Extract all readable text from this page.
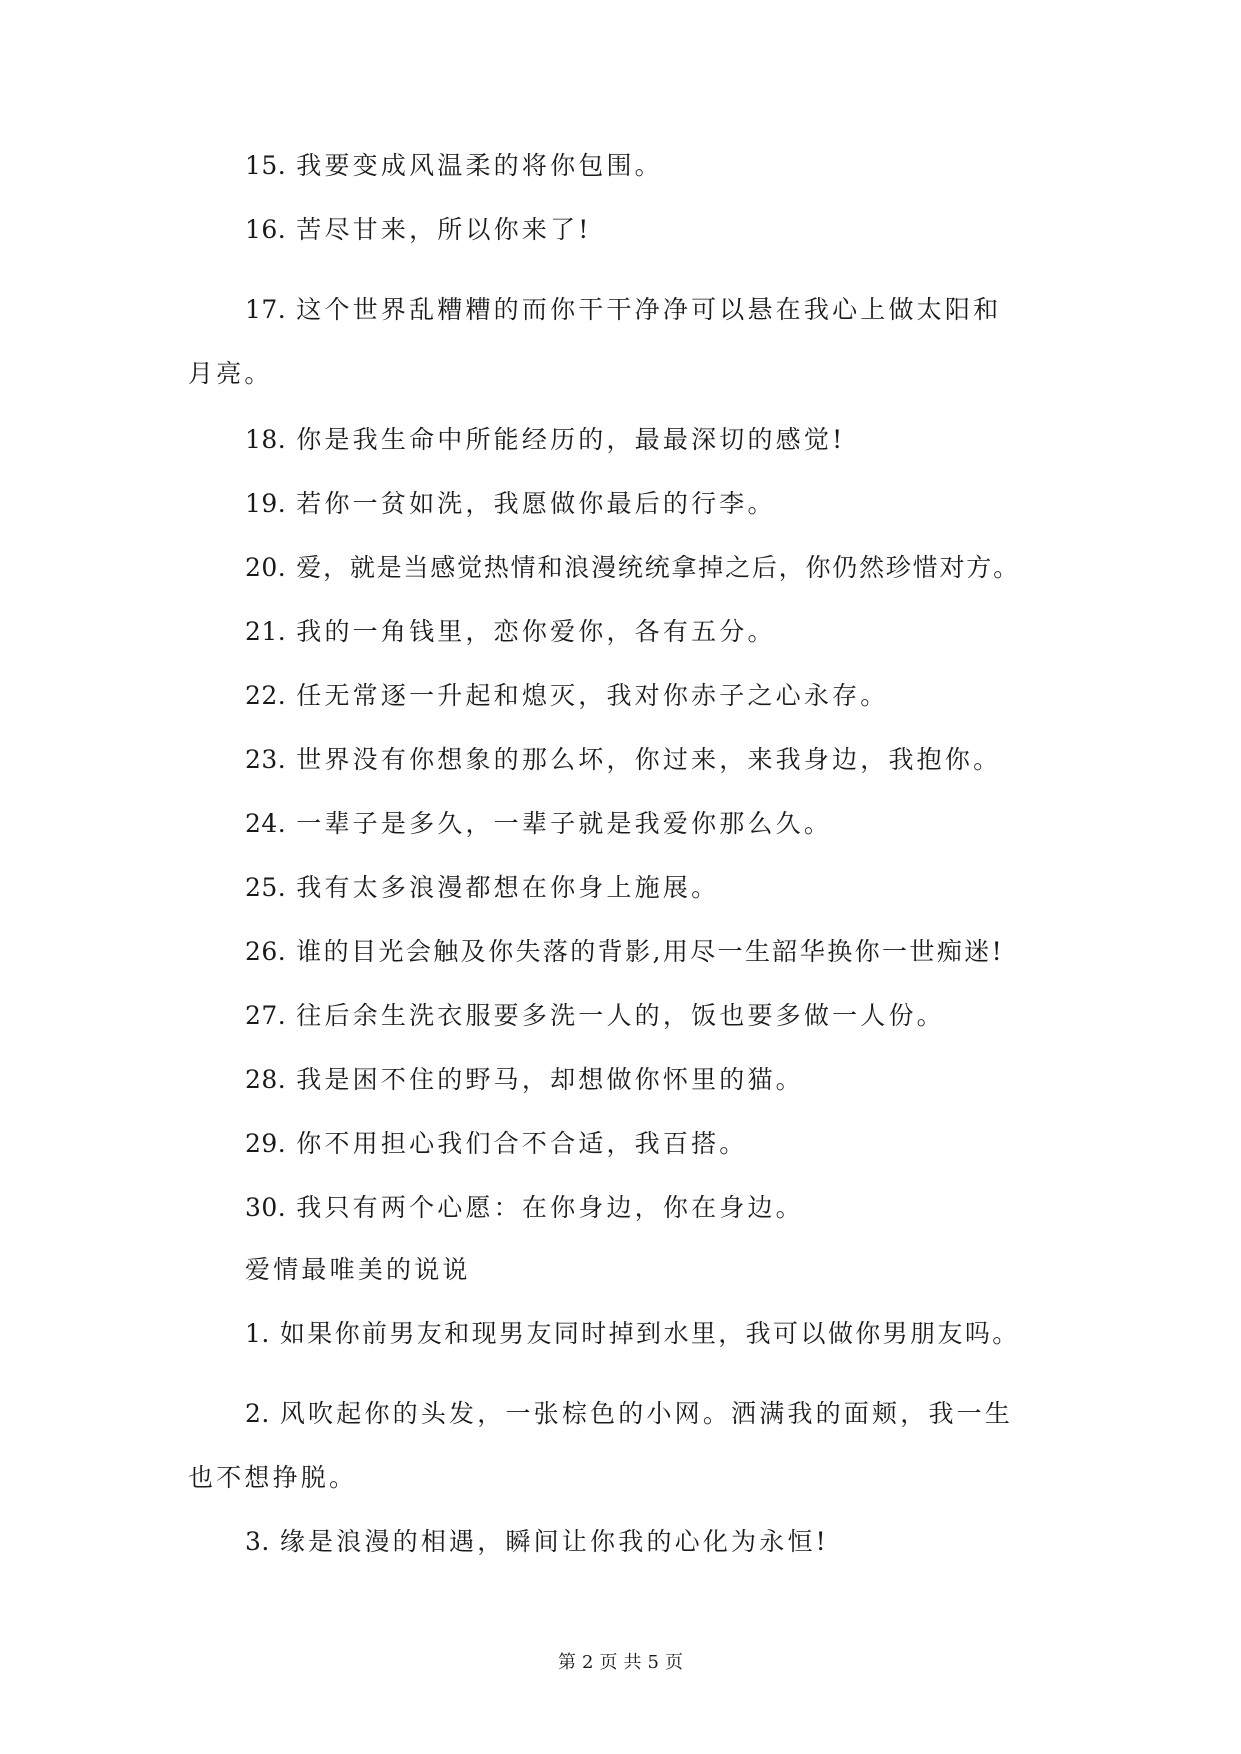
15. 我要变成风温柔的将你包围。
16. 苦尽甘来，所以你来了!
17. 这个世界乱糟糟的而你干干净净可以悬在我心上做太阳和
月亮。
18. 你是我生命中所能经历的，最最深切的感觉!
19. 若你一贫如洗，我愿做你最后的行李。
20. 爱，就是当感觉热情和浪漫统统拿掉之后，你仍然珍惜对方。
21. 我的一角钱里，恋你爱你，各有五分。
22. 任无常逐一升起和熄灭，我对你赤子之心永存。
23. 世界没有你想象的那么坏，你过来，来我身边，我抱你。
24. 一辈子是多久，一辈子就是我爱你那么久。
25. 我有太多浪漫都想在你身上施展。
26. 谁的目光会触及你失落的背影,用尽一生韶华换你一世痴迷!
27. 往后余生洗衣服要多洗一人的，饭也要多做一人份。
28. 我是困不住的野马，却想做你怀里的猫。
29. 你不用担心我们合不合适，我百搭。
30. 我只有两个心愿：在你身边，你在身边。
爱情最唯美的说说
1. 如果你前男友和现男友同时掉到水里，我可以做你男朋友吗。
2. 风吹起你的头发，一张棕色的小网。洒满我的面颊，我一生
也不想挣脱。
3. 缘是浪漫的相遇，瞬间让你我的心化为永恒!
第 2 页 共 5 页
